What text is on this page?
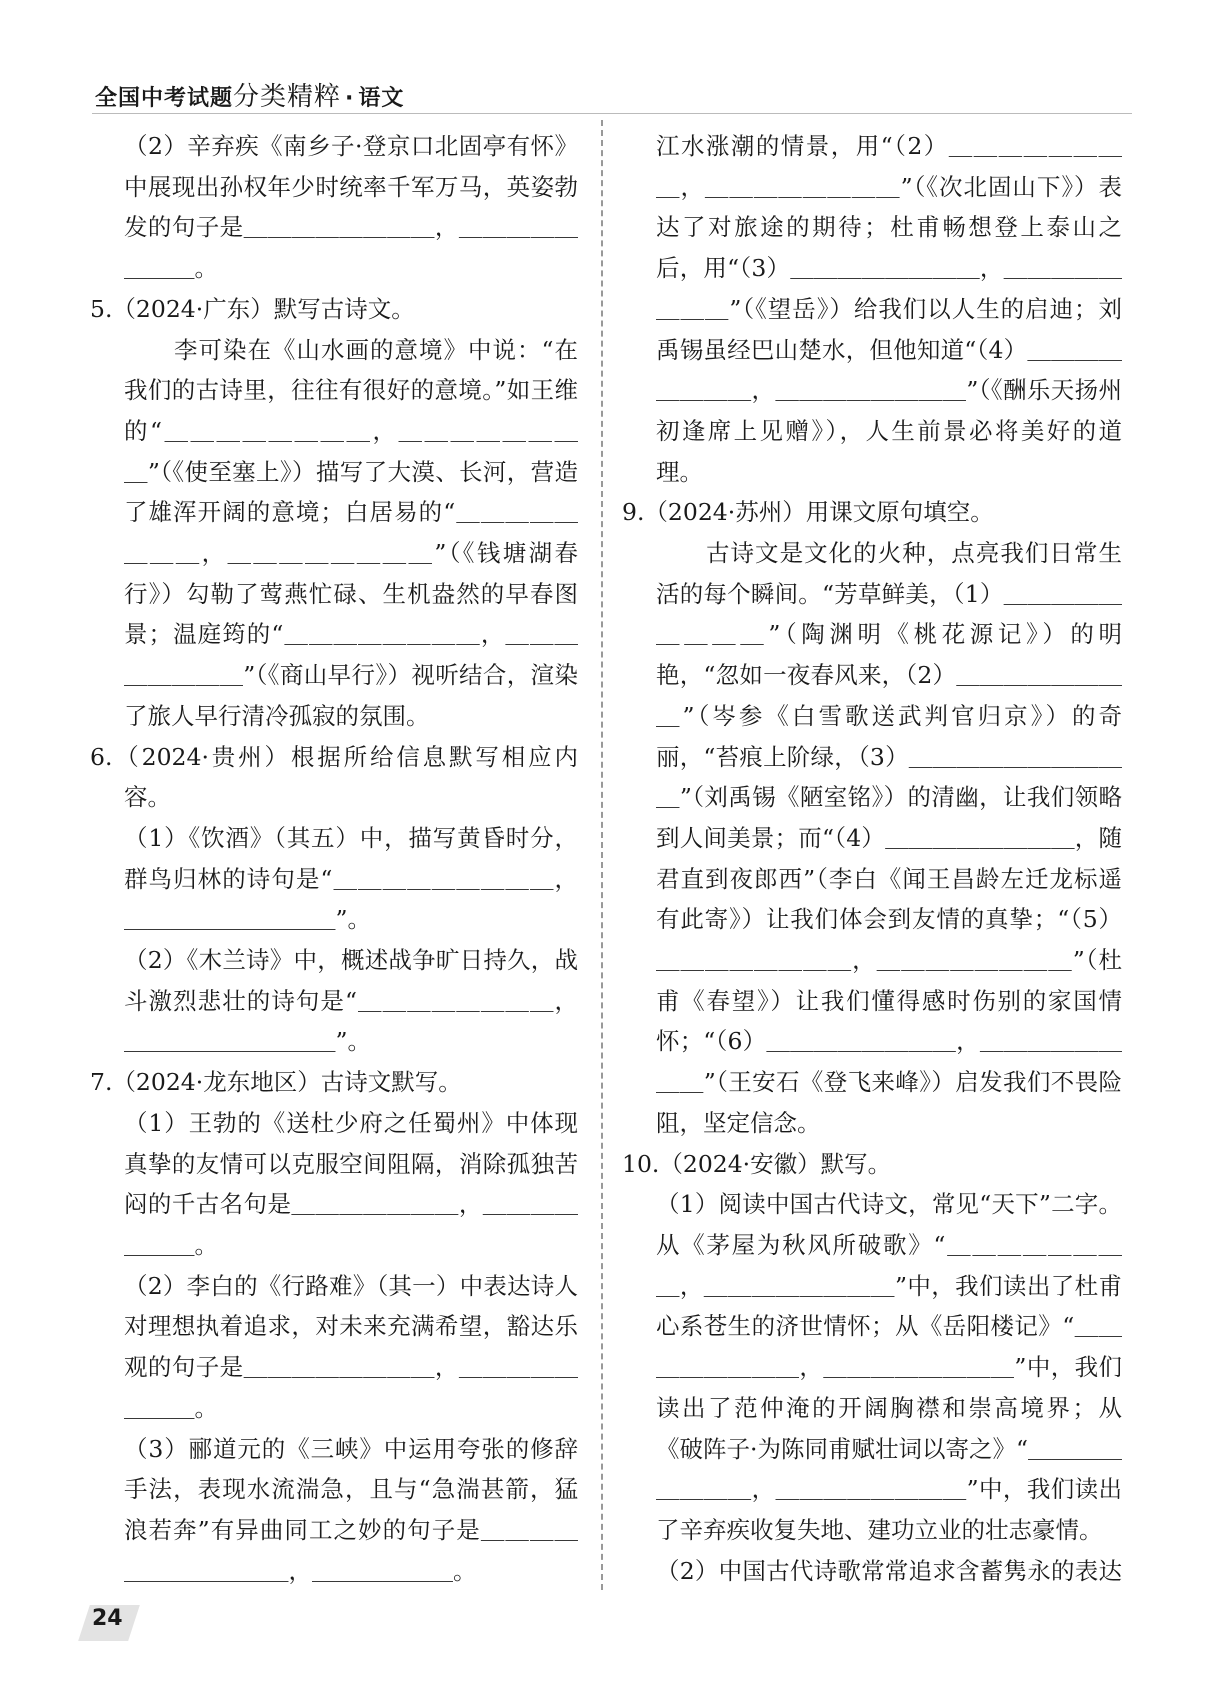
全国中考试题分类精粹 · 语文

（2）辛弃疾《南乡子·登京口北固亭有怀》中展现出孙权年少时统率千军万马，英姿勃发的句子是＿＿＿＿＿＿＿＿，＿＿＿＿＿＿＿＿。

5.（2024·广东）默写古诗文。

李可染在《山水画的意境》中说：“在我们的古诗里，往往有很好的意境。”如王维的“＿＿＿＿＿＿＿＿，＿＿＿＿＿＿＿＿”（《使至塞上》）描写了大漠、长河，营造了雄浑开阔的意境；白居易的“＿＿＿＿＿＿＿＿，＿＿＿＿＿＿＿＿”（《钱塘湖春行》）勾勒了莺燕忙碌、生机盎然的早春图景；温庭筠的“＿＿＿＿＿＿＿＿，＿＿＿＿＿＿＿＿”（《商山早行》）视听结合，渲染了旅人早行清冷孤寂的氛围。

6.（2024·贵州）根据所给信息默写相应内容。

（1）《饮酒》（其五）中，描写黄昏时分，群鸟归林的诗句是“＿＿＿＿＿＿＿＿＿，＿＿＿＿＿＿＿＿＿”。

（2）《木兰诗》中，概述战争旷日持久，战斗激烈悲壮的诗句是“＿＿＿＿＿＿＿＿，＿＿＿＿＿＿＿＿＿”。

7.（2024·龙东地区）古诗文默写。

（1）王勃的《送杜少府之任蜀州》中体现真挚的友情可以克服空间阻隔，消除孤独苦闷的千古名句是＿＿＿＿＿＿＿，＿＿＿＿＿＿＿。

（2）李白的《行路难》（其一）中表达诗人对理想执着追求，对未来充满希望，豁达乐观的句子是＿＿＿＿＿＿＿＿，＿＿＿＿＿＿＿＿。

（3）郦道元的《三峡》中运用夸张的修辞手法，表现水流湍急，且与“急湍甚箭，猛浪若奔”有异曲同工之妙的句子是＿＿＿＿＿＿＿＿＿＿＿，＿＿＿＿＿＿。

江水涨潮的情景，用“（2）＿＿＿＿＿＿＿＿，＿＿＿＿＿＿＿＿”（《次北固山下》）表达了对旅途的期待；杜甫畅想登上泰山之后，用“（3）＿＿＿＿＿＿＿＿，＿＿＿＿＿＿＿＿”（《望岳》）给我们以人生的启迪；刘禹锡虽经巴山楚水，但他知道“（4）＿＿＿＿＿＿＿＿，＿＿＿＿＿＿＿＿”（《酬乐天扬州初逢席上见赠》），人生前景必将美好的道理。

9.（2024·苏州）用课文原句填空。

古诗文是文化的火种，点亮我们日常生活的每个瞬间。“芳草鲜美，（1）＿＿＿＿＿＿＿＿＿”（陶渊明《桃花源记》）的明艳，“忽如一夜春风来，（2）＿＿＿＿＿＿＿＿”（岑参《白雪歌送武判官归京》）的奇丽，“苔痕上阶绿，（3）＿＿＿＿＿＿＿＿＿＿”（刘禹锡《陋室铭》）的清幽，让我们领略到人间美景；而“（4）＿＿＿＿＿＿＿＿，随君直到夜郎西”（李白《闻王昌龄左迁龙标遥有此寄》）让我们体会到友情的真挚；“（5）＿＿＿＿＿＿＿＿，＿＿＿＿＿＿＿＿”（杜甫《春望》）让我们懂得感时伤别的家国情怀；“（6）＿＿＿＿＿＿＿＿，＿＿＿＿＿＿＿＿”（王安石《登飞来峰》）启发我们不畏险阻，坚定信念。

10.（2024·安徽）默写。

（1）阅读中国古代诗文，常见“天下”二字。从《茅屋为秋风所破歌》“＿＿＿＿＿＿＿＿，＿＿＿＿＿＿＿＿”中，我们读出了杜甫心系苍生的济世情怀；从《岳阳楼记》“＿＿＿＿＿＿＿＿，＿＿＿＿＿＿＿＿”中，我们读出了范仲淹的开阔胸襟和崇高境界；从《破阵子·为陈同甫赋壮词以寄之》“＿＿＿＿＿＿＿＿，＿＿＿＿＿＿＿＿”中，我们读出了辛弃疾收复失地、建功立业的壮志豪情。

（2）中国古代诗歌常常追求含蓄隽永的表达

24
